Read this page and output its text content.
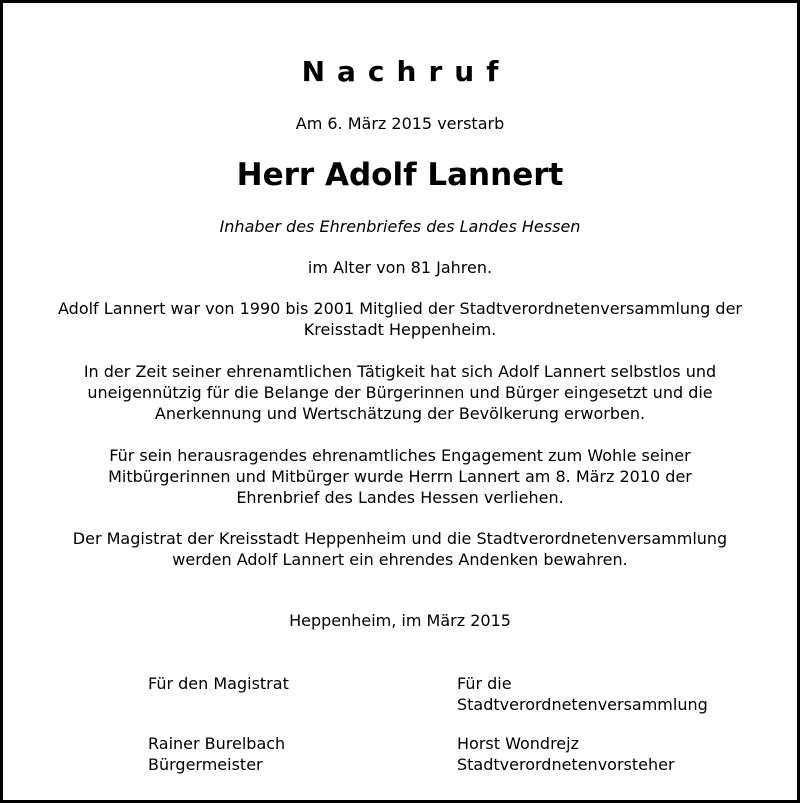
Nachruf
Am 6. März 2015 verstarb
Herr Adolf Lannert
Inhaber des Ehrenbriefes des Landes Hessen
im Alter von 81 Jahren.
Adolf Lannert war von 1990 bis 2001 Mitglied der Stadtverordnetenversammlung der
Kreisstadt Heppenheim.
In der Zeit seiner ehrenamtlichen Tätigkeit hat sich Adolf Lannert selbstlos und
uneigennützig für die Belange der Bürgerinnen und Bürger eingesetzt und die
Anerkennung und Wertschätzung der Bevölkerung erworben.
Für sein herausragendes ehrenamtliches Engagement zum Wohle seiner
Mitbürgerinnen und Mitbürger wurde Herrn Lannert am 8. März 2010 der
Ehrenbrief des Landes Hessen verliehen.
Der Magistrat der Kreisstadt Heppenheim und die Stadtverordnetenversammlung
werden Adolf Lannert ein ehrendes Andenken bewahren.
Heppenheim, im März 2015
Für den Magistrat	Für die
Stadtverordnetenversammlung
Rainer Burelbach
Bürgermeister
Horst Wondrejz
Stadtverordnetenvorsteher
